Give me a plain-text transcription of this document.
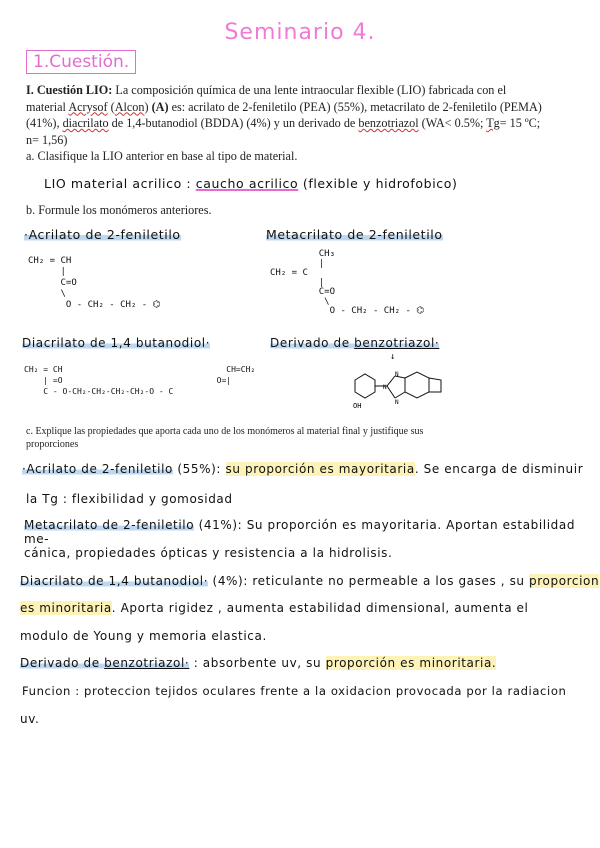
Seminario 4.
1.Cuestión.
I. Cuestión LIO: La composición química de una lente intraocular flexible (LIO) fabricada con el material Acrysof (Alcon) (A) es: acrilato de 2-feniletilo (PEA) (55%), metacrilato de 2-feniletilo (PEMA) (41%), diacrilato de 1,4-butanodiol (BDDA) (4%) y un derivado de benzotriazol (WA< 0.5%; Tg= 15 ºC; n= 1,56)
a. Clasifique la LIO anterior en base al tipo de material.
LIO material acrilico : caucho acrilico (flexible y hidrofobico)
b. Formule los monómeros anteriores.
·Acrilato de 2-feniletilo
CH₂ = CH
|
C=O
\
O - CH₂ - CH₂ - ⌬
Metacrilato de 2-feniletilo
CH₃
|
CH₂ = C
|
C=O
\
O - CH₂ - CH₂ - ⌬
Diacrilato de 1,4 butanodiol·
CH₂ = CH                                  CH=CH₂
| =O                                O=|
C - O-CH₂-CH₂-CH₂-CH₂-O - C
Derivado de benzotriazol·
↓
OH
N
N
N
c. Explique las propiedades que aporta cada uno de los monómeros al material final y justifique sus proporciones
·Acrilato de 2-feniletilo (55%): su proporción es mayoritaria. Se encarga de disminuir
la Tg : flexibilidad y gomosidad
Metacrilato de 2-feniletilo (41%): Su proporción es mayoritaria. Aportan estabilidad me-
cánica, propiedades ópticas y resistencia a la hidrolisis.
Diacrilato de 1,4 butanodiol· (4%): reticulante no permeable a los gases , su proporcion
es minoritaria. Aporta rigidez , aumenta estabilidad dimensional, aumenta el
modulo de Young y memoria elastica.
Derivado de benzotriazol· : absorbente uv, su proporción es minoritaria.
Funcion : proteccion tejidos oculares frente a la oxidacion provocada por la radiacion
uv.
